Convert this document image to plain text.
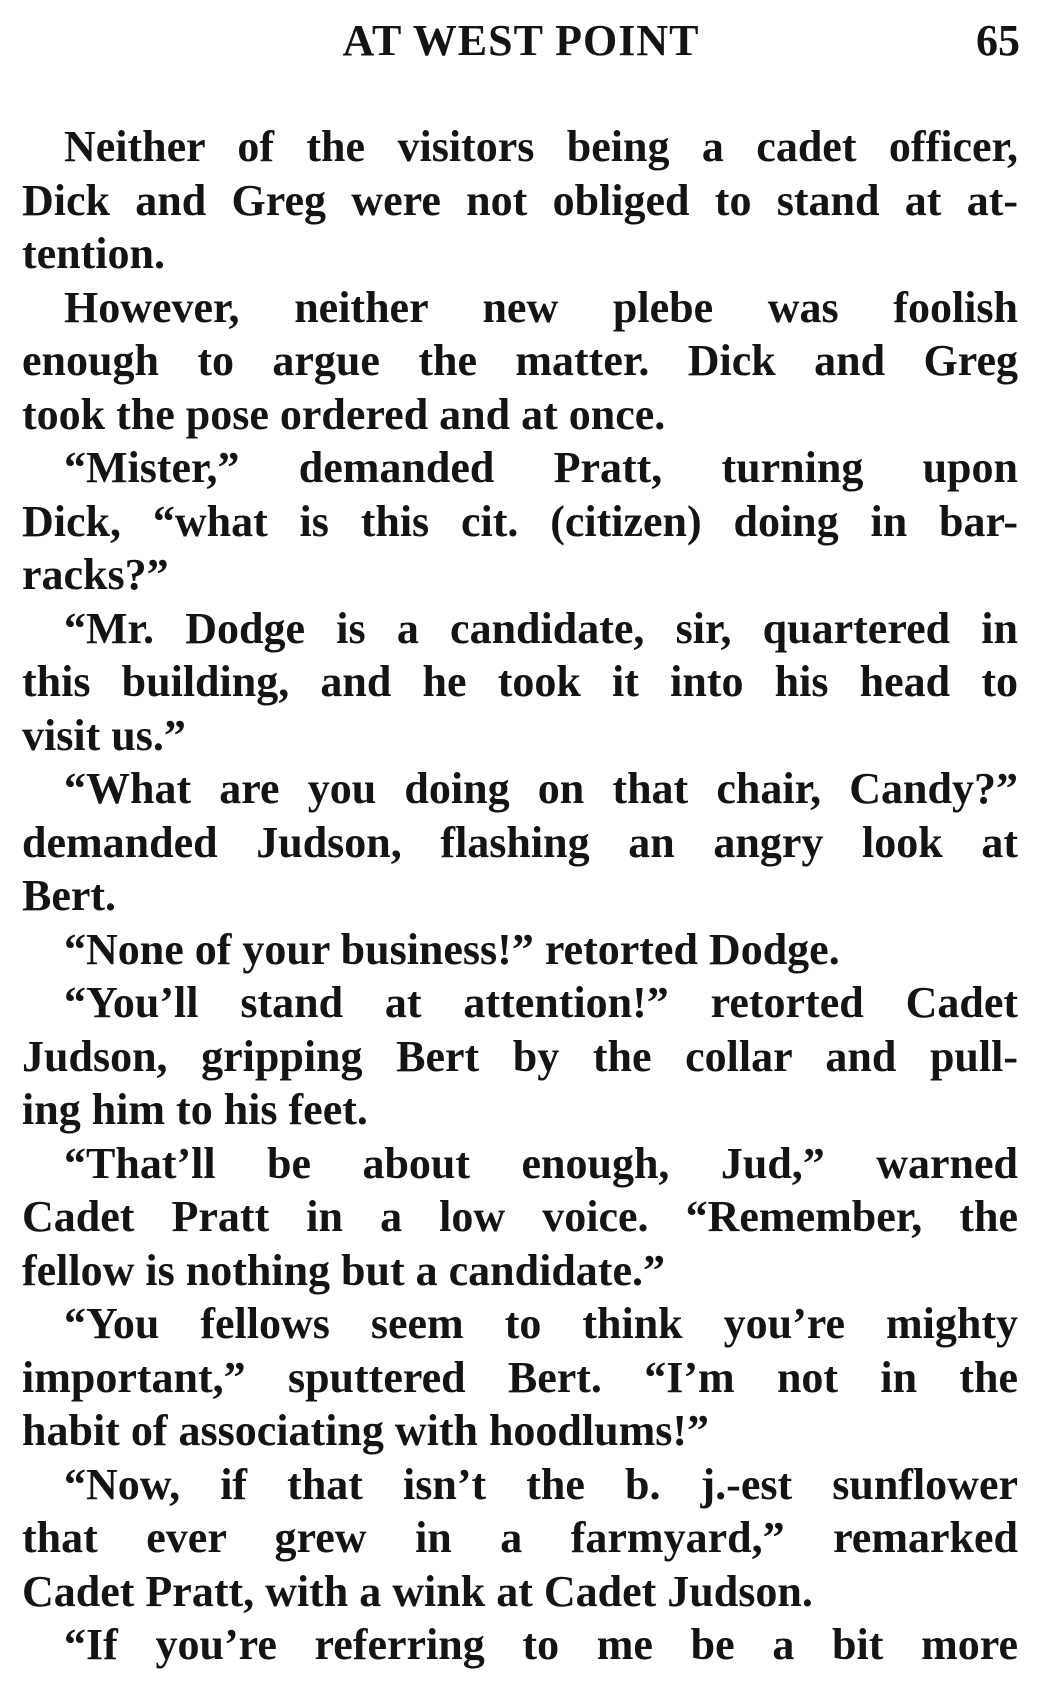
AT WEST POINT	65
Neither of the visitors being a cadet officer,
Dick and Greg were not obliged to stand at at-
tention.
However, neither new plebe was foolish
enough to argue the matter. Dick and Greg
took the pose ordered and at once.
“Mister,” demanded Pratt, turning upon
Dick, “what is this cit. (citizen) doing in bar-
racks?”
“Mr. Dodge is a candidate, sir, quartered in
this building, and he took it into his head to
visit us.”
“What are you doing on that chair, Candy?”
demanded Judson, flashing an angry look at
Bert.
“None of your business!” retorted Dodge.
“You’ll stand at attention!” retorted Cadet
Judson, gripping Bert by the collar and pull-
ing him to his feet.
“That’ll be about enough, Jud,” warned
Cadet Pratt in a low voice. “Remember, the
fellow is nothing but a candidate.”
“You fellows seem to think you’re mighty
important,” sputtered Bert. “I’m not in the
habit of associating with hoodlums!”
“Now, if that isn’t the b. j.-est sunflower
that ever grew in a farmyard,” remarked
Cadet Pratt, with a wink at Cadet Judson.
“If you’re referring to me be a bit more
